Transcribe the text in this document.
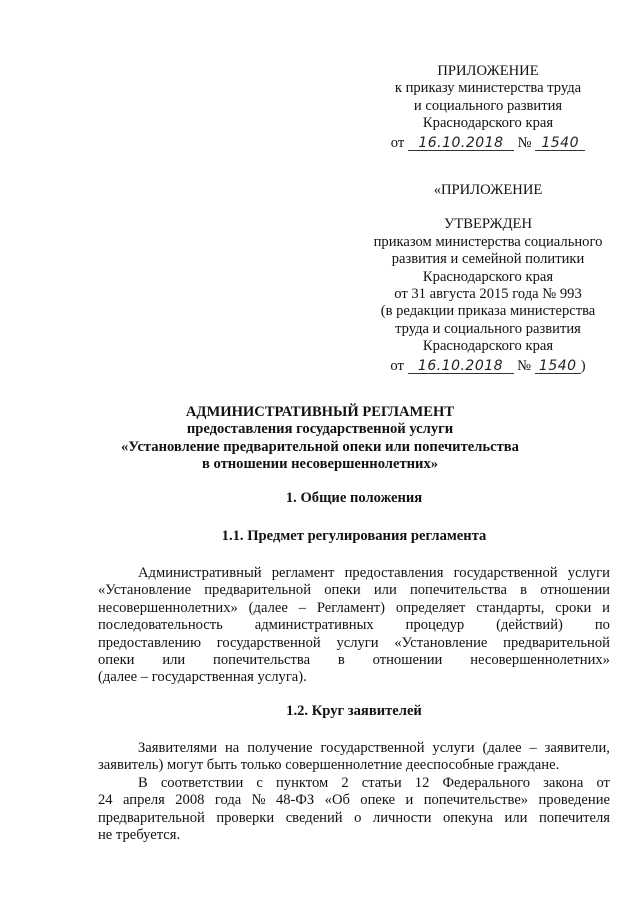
ПРИЛОЖЕНИЕ
к приказу министерства труда
и социального развития
Краснодарского края
от 16.10.2018 № 1540
«ПРИЛОЖЕНИЕ
УТВЕРЖДЕН
приказом министерства социального
развития и семейной политики
Краснодарского края
от 31 августа 2015 года № 993
(в редакции приказа министерства
труда и социального развития
Краснодарского края
от 16.10.2018 № 1540 )
АДМИНИСТРАТИВНЫЙ РЕГЛАМЕНТ
предоставления государственной услуги
«Установление предварительной опеки или попечительства
в отношении несовершеннолетних»
1. Общие положения
1.1. Предмет регулирования регламента
Административный регламент предоставления государственной услуги
«Установление предварительной опеки или попечительства в отношении
несовершеннолетних» (далее – Регламент) определяет стандарты, сроки и
последовательность административных процедур (действий) по
предоставлению государственной услуги «Установление предварительной
опеки или попечительства в отношении несовершеннолетних»
(далее – государственная услуга).
1.2. Круг заявителей
Заявителями на получение государственной услуги (далее – заявители,
заявитель) могут быть только совершеннолетние дееспособные граждане.
В соответствии с пунктом 2 статьи 12 Федерального закона от
24 апреля 2008 года № 48-ФЗ «Об опеке и попечительстве» проведение
предварительной проверки сведений о личности опекуна или попечителя
не требуется.
